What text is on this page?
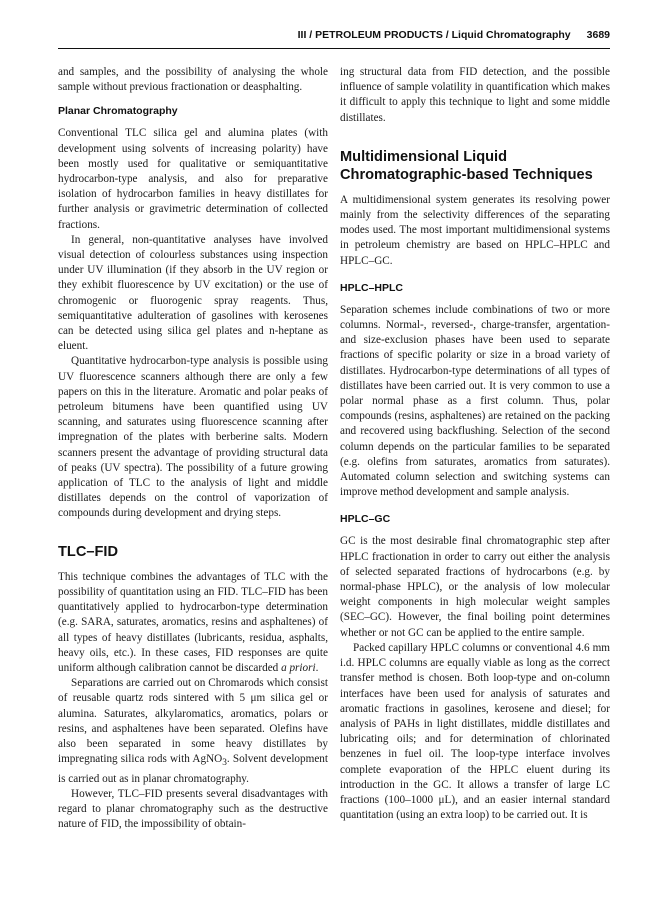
III / PETROLEUM PRODUCTS / Liquid Chromatography 3689

and samples, and the possibility of analysing the whole sample without previous fractionation or deasphalting.

Planar Chromatography

Conventional TLC silica gel and alumina plates (with development using solvents of increasing polarity) have been mostly used for qualitative or semiquantitative hydrocarbon-type analysis, and also for preparative isolation of hydrocarbon families in heavy distillates for further analysis or gravimetric determination of collected fractions.

In general, non-quantitative analyses have involved visual detection of colourless substances using inspection under UV illumination (if they absorb in the UV region or they exhibit fluorescence by UV excitation) or the use of chromogenic or fluorogenic spray reagents. Thus, semiquantitative adulteration of gasolines with kerosenes can be detected using silica gel plates and n-heptane as eluent.

Quantitative hydrocarbon-type analysis is possible using UV fluorescence scanners although there are only a few papers on this in the literature. Aromatic and polar peaks of petroleum bitumens have been quantified using UV scanning, and saturates using fluorescence scanning after impregnation of the plates with berberine salts. Modern scanners present the advantage of providing structural data of peaks (UV spectra). The possibility of a future growing application of TLC to the analysis of light and middle distillates depends on the control of vaporization of compounds during development and drying steps.

TLC–FID

This technique combines the advantages of TLC with the possibility of quantitation using an FID. TLC–FID has been quantitatively applied to hydrocarbon-type determination (e.g. SARA, saturates, aromatics, resins and asphaltenes) of all types of heavy distillates (lubricants, residua, asphalts, heavy oils, etc.). In these cases, FID responses are quite uniform although calibration cannot be discarded a priori.

Separations are carried out on Chromarods which consist of reusable quartz rods sintered with 5 μm silica gel or alumina. Saturates, alkylaromatics, aromatics, polars or resins, and asphaltenes have been separated. Olefins have also been separated in some heavy distillates by impregnating silica rods with AgNO$_3$. Solvent development is carried out as in planar chromatography.

However, TLC–FID presents several disadvantages with regard to planar chromatography such as the destructive nature of FID, the impossibility of obtain-

ing structural data from FID detection, and the possible influence of sample volatility in quantification which makes it difficult to apply this technique to light and some middle distillates.

Multidimensional Liquid Chromatographic-based Techniques

A multidimensional system generates its resolving power mainly from the selectivity differences of the separating modes used. The most important multidimensional systems in petroleum chemistry are based on HPLC–HPLC and HPLC–GC.

HPLC–HPLC

Separation schemes include combinations of two or more columns. Normal-, reversed-, charge-transfer, argentation- and size-exclusion phases have been used to separate fractions of specific polarity or size in a broad variety of distillates. Hydrocarbon-type determinations of all types of distillates have been carried out. It is very common to use a polar normal phase as a first column. Thus, polar compounds (resins, asphaltenes) are retained on the packing and recovered using backflushing. Selection of the second column depends on the particular families to be separated (e.g. olefins from saturates, aromatics from saturates). Automated column selection and switching systems can improve method development and sample analysis.

HPLC–GC

GC is the most desirable final chromatographic step after HPLC fractionation in order to carry out either the analysis of selected separated fractions of hydrocarbons (e.g. by normal-phase HPLC), or the analysis of low molecular weight components in high molecular weight samples (SEC–GC). However, the final boiling point determines whether or not GC can be applied to the entire sample.

Packed capillary HPLC columns or conventional 4.6 mm i.d. HPLC columns are equally viable as long as the correct transfer method is chosen. Both loop-type and on-column interfaces have been used for analysis of saturates and aromatic fractions in gasolines, kerosene and diesel; for analysis of PAHs in light distillates, middle distillates and lubricating oils; and for determination of chlorinated benzenes in fuel oil. The loop-type interface involves complete evaporation of the HPLC eluent during its introduction in the GC. It allows a transfer of large LC fractions (100–1000 μL), and an easier internal standard quantitation (using an extra loop) to be carried out. It is
